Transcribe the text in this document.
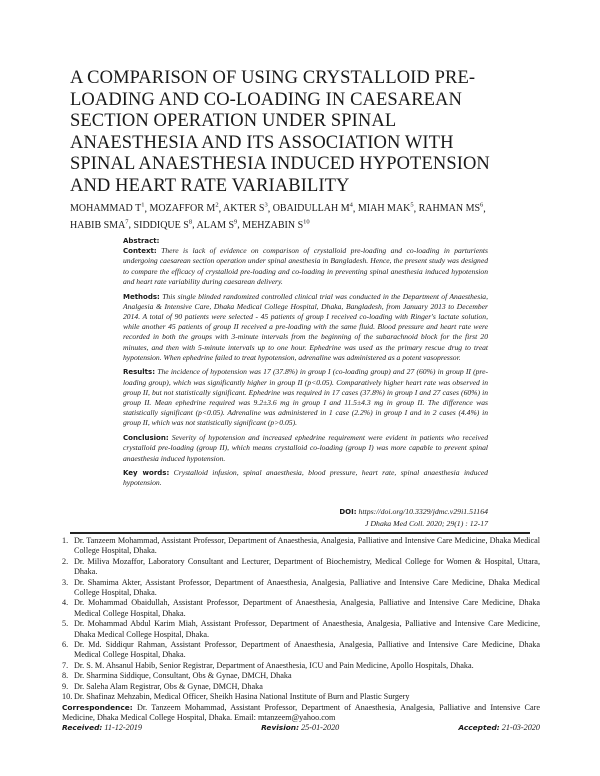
A COMPARISON OF USING CRYSTALLOID PRE-
LOADING AND CO-LOADING IN CAESAREAN
SECTION OPERATION UNDER SPINAL
ANAESTHESIA AND ITS ASSOCIATION WITH
SPINAL ANAESTHESIA INDUCED HYPOTENSION
AND HEART RATE VARIABILITY
MOHAMMAD $T^1$, MOZAFFOR $M^2$, AKTER $S^3$, OBAIDULLAH $M^4$, MIAH MAK$^5$, RAHMAN $MS^6$,
HABIB SMA$^7$, SIDDIQUE $S^8$, ALAM $S^9$, MEHZABIN $S^{10}$
Abstract:

Context: There is lack of evidence on comparison of crystalloid pre-loading and co-loading in parturients undergoing caesarean section operation under spinal anesthesia in Bangladesh. Hence, the present study was designed to compare the efficacy of crystalloid pre-loading and co-loading in preventing spinal anesthesia induced hypotension and heart rate variability during caesarean delivery.

Methods: This single blinded randomized controlled clinical trial was conducted in the Department of Anaesthesia, Analgesia & Intensive Care, Dhaka Medical College Hospital, Dhaka, Bangladesh, from January 2013 to December 2014. A total of 90 patients were selected - 45 patients of group I received co-loading with Ringer's lactate solution, while another 45 patients of group II received a pre-loading with the same fluid. Blood pressure and heart rate were recorded in both the groups with 3-minute intervals from the beginning of the subarachnoid block for the first 20 minutes, and then with 5-minute intervals up to one hour. Ephedrine was used as the primary rescue drug to treat hypotension. When ephedrine failed to treat hypotension, adrenaline was administered as a potent vasopressor.

Results: The incidence of hypotension was 17 (37.8%) in group I (co-loading group) and 27 (60%) in group II (pre-loading group), which was significantly higher in group II (p<0.05). Comparatively higher heart rate was observed in group II, but not statistically significant. Ephedrine was required in 17 cases (37.8%) in group I and 27 cases (60%) in group II. Mean ephedrine required was 9.2±3.6 mg in group I and 11.5±4.3 mg in group II. The difference was statistically significant (p<0.05). Adrenaline was administered in 1 case (2.2%) in group I and in 2 cases (4.4%) in group II, which was not statistically significant (p>0.05).

Conclusion: Severity of hypotension and increased ephedrine requirement were evident in patients who received crystalloid pre-loading (group II), which means crystalloid co-loading (group I) was more capable to prevent spinal anaesthesia induced hypotension.

Key words: Crystalloid infusion, spinal anaesthesia, blood pressure, heart rate, spinal anaesthesia induced hypotension.

DOI: https://doi.org/10.3329/jdmc.v29i1.51164
J Dhaka Med Coll. 2020; 29(1) : 12-17
1. Dr. Tanzeem Mohammad, Assistant Professor, Department of Anaesthesia, Analgesia, Palliative and Intensive Care Medicine, Dhaka Medical College Hospital, Dhaka.
2. Dr. Miliva Mozaffor, Laboratory Consultant and Lecturer, Department of Biochemistry, Medical College for Women & Hospital, Uttara, Dhaka.
3. Dr. Shamima Akter, Assistant Professor, Department of Anaesthesia, Analgesia, Palliative and Intensive Care Medicine, Dhaka Medical College Hospital, Dhaka.
4. Dr. Mohammad Obaidullah, Assistant Professor, Department of Anaesthesia, Analgesia, Palliative and Intensive Care Medicine, Dhaka Medical College Hospital, Dhaka.
5. Dr. Mohammad Abdul Karim Miah, Assistant Professor, Department of Anaesthesia, Analgesia, Palliative and Intensive Care Medicine, Dhaka Medical College Hospital, Dhaka.
6. Dr. Md. Siddiqur Rahman, Assistant Professor, Department of Anaesthesia, Analgesia, Palliative and Intensive Care Medicine, Dhaka Medical College Hospital, Dhaka.
7. Dr. S. M. Ahsanul Habib, Senior Registrar, Department of Anaesthesia, ICU and Pain Medicine, Apollo Hospitals, Dhaka.
8. Dr. Sharmina Siddique, Consultant, Obs & Gynae, DMCH, Dhaka
9. Dr. Saleha Alam Registrar, Obs & Gynae, DMCH, Dhaka
10. Dr. Shafinaz Mehzabin, Medical Officer, Sheikh Hasina National Institute of Burn and Plastic Surgery
Correspondence: Dr. Tanzeem Mohammad, Assistant Professor, Department of Anaesthesia, Analgesia, Palliative and Intensive Care Medicine, Dhaka Medical College Hospital, Dhaka. Email: mtanzeem@yahoo.com
Received: 11-12-2019	Revision: 25-01-2020	Accepted: 21-03-2020
